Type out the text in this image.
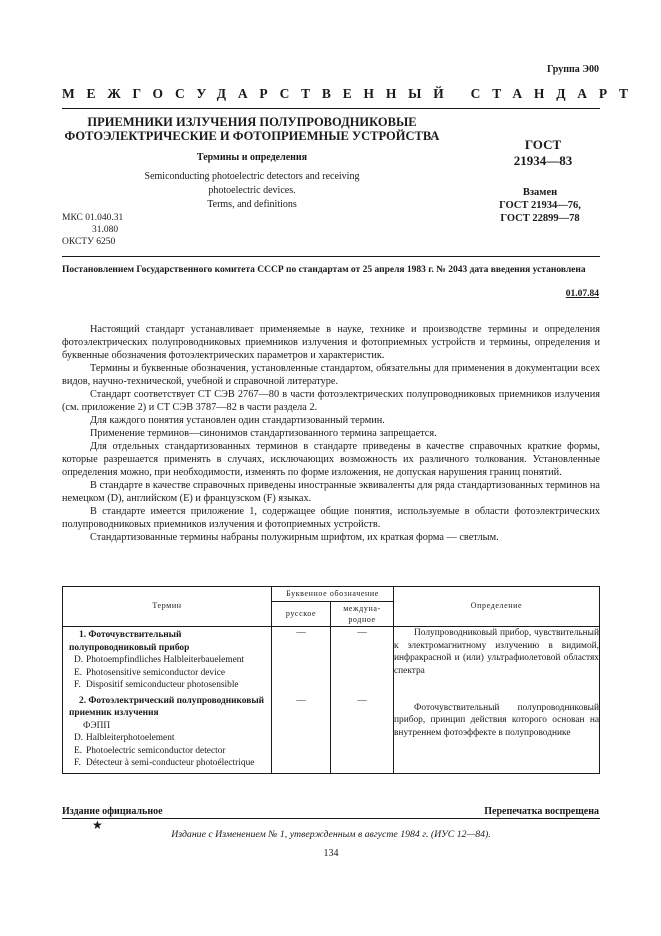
Группа Э00
МЕЖГОСУДАРСТВЕННЫЙ СТАНДАРТ
ПРИЕМНИКИ ИЗЛУЧЕНИЯ ПОЛУПРОВОДНИКОВЫЕ
ФОТОЭЛЕКТРИЧЕСКИЕ И ФОТОПРИЕМНЫЕ УСТРОЙСТВА
Термины и определения
Semiconducting photoelectric detectors and receiving
photoelectric devices.
Terms, and definitions
ГОСТ
21934—83
Взамен
ГОСТ 21934—76,
ГОСТ 22899—78
МКС 01.040.31
31.080
ОКСТУ 6250
Постановлением Государственного комитета СССР по стандартам от 25 апреля 1983 г. № 2043 дата введения установлена
01.07.84

Настоящий стандарт устанавливает применяемые в науке, технике и производстве термины и определения фотоэлектрических полупроводниковых приемников излучения и фотоприемных устройств и термины, определения и буквенные обозначения фотоэлектрических параметров и характеристик.

Термины и буквенные обозначения, установленные стандартом, обязательны для применения в документации всех видов, научно-технической, учебной и справочной литературе.

Стандарт соответствует СТ СЭВ 2767—80 в части фотоэлектрических полупроводниковых приемников излучения (см. приложение 2) и СТ СЭВ 3787—82 в части раздела 2.

Для каждого понятия установлен один стандартизованный термин.

Применение терминов—синонимов стандартизованного термина запрещается.

Для отдельных стандартизованных терминов в стандарте приведены в качестве справочных краткие формы, которые разрешается применять в случаях, исключающих возможность их различного толкования. Установленные определения можно, при необходимости, изменять по форме изложения, не допуская нарушения границ понятий.

В стандарте в качестве справочных приведены иностранные эквиваленты для ряда стандартизованных терминов на немецком (D), английском (E) и французском (F) языках.

В стандарте имеется приложение 1, содержащее общие понятия, используемые в области фотоэлектрических полупроводниковых приемников излучения и фотоприемных устройств.

Стандартизованные термины набраны полужирным шрифтом, их краткая форма — светлым.

Термин	Буквенное обозначение		Определение
	русское	междуна-родное	

1. Фоточувствительный полупроводниковый прибор
D. Photoempfindliches Halbleiterbauelement
E. Photosensitive semiconductor device
F. Dispositif semiconducteur photosensible	—	—	Полупроводниковый прибор, чувствительный к электромагнитному излучению в видимой, инфракрасной и (или) ультрафиолетовой областях спектра

2. Фотоэлектрический полупроводниковый приемник излучения
ФЭПП
D. Halbleiterphotoelement
E. Photoelectric semiconductor detector
F. Détecteur à semi-conducteur photoélectrique	—	—	Фоточувствительный полупроводниковый прибор, принцип действия которого основан на внутреннем фотоэффекте в полупроводнике
Издание официальное	Перепечатка воспрещена
★
Издание с Изменением № 1, утвержденным в августе 1984 г. (ИУС 12—84).
134
